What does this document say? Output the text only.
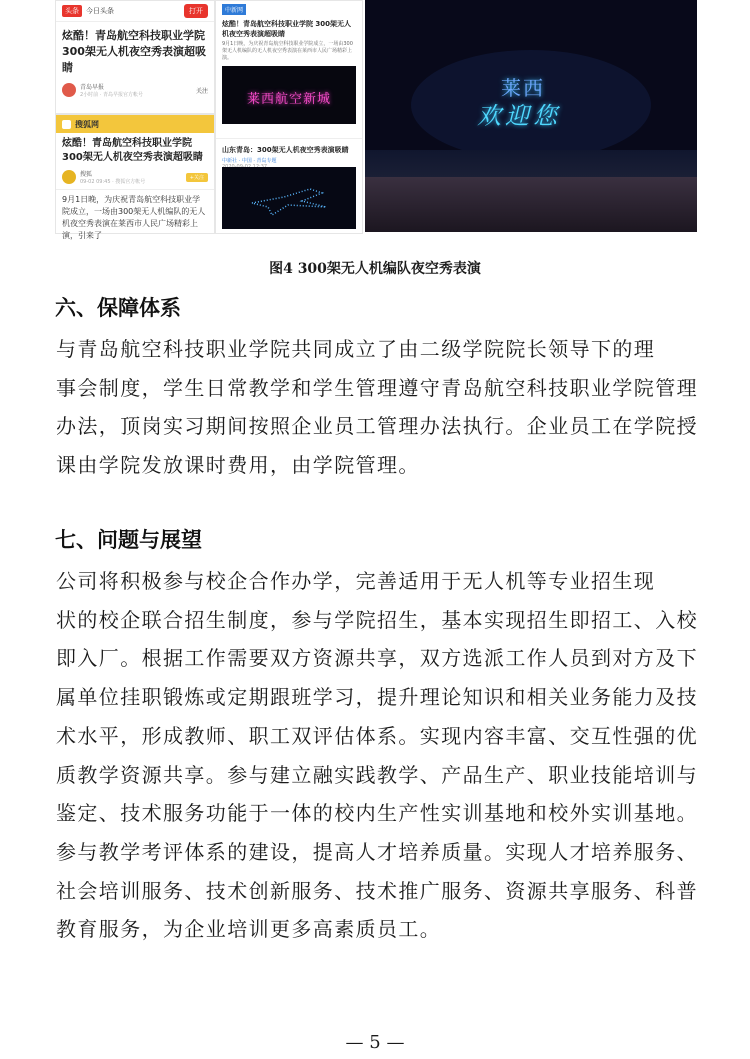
头条	今日头条	打开
炫酷！青岛航空科技职业学院300架无人机夜空秀表演超吸睛
青岛早报
2小时前 · 青岛早报官方帐号
关注
搜狐网
炫酷！青岛航空科技职业学院 300架无人机夜空秀表演超吸睛
搜狐
09-02 09:45 · 搜狐官方帐号
+关注
9月1日晚，为庆祝青岛航空科技职业学院成立，一场由300架无人机编队的无人机夜空秀表演在莱西市人民广场精彩上演，引来了
中新网
炫酷！青岛航空科技职业学院 300架无人机夜空秀表演超吸睛
9月1日晚，为庆祝青岛航空科技职业学院成立，一场由300架无人机编队的无人机夜空秀表演在莱西市人民广场精彩上演。
莱西航空新城
山东青岛：300架无人机夜空秀表演吸睛
中新社 · 中国 · 青岛专题

莱西
欢迎您
图4 300架无人机编队夜空秀表演
六、保障体系
与青岛航空科技职业学院共同成立了由二级学院院长领导下的理
事会制度，学生日常教学和学生管理遵守青岛航空科技职业学院管理
办法，顶岗实习期间按照企业员工管理办法执行。企业员工在学院授
课由学院发放课时费用，由学院管理。
七、问题与展望
公司将积极参与校企合作办学，完善适用于无人机等专业招生现
状的校企联合招生制度，参与学院招生，基本实现招生即招工、入校
即入厂。根据工作需要双方资源共享，双方选派工作人员到对方及下
属单位挂职锻炼或定期跟班学习，提升理论知识和相关业务能力及技
术水平，形成教师、职工双评估体系。实现内容丰富、交互性强的优
质教学资源共享。参与建立融实践教学、产品生产、职业技能培训与
鉴定、技术服务功能于一体的校内生产性实训基地和校外实训基地。
参与教学考评体系的建设，提高人才培养质量。实现人才培养服务、
社会培训服务、技术创新服务、技术推广服务、资源共享服务、科普
教育服务，为企业培训更多高素质员工。
— 5 —
